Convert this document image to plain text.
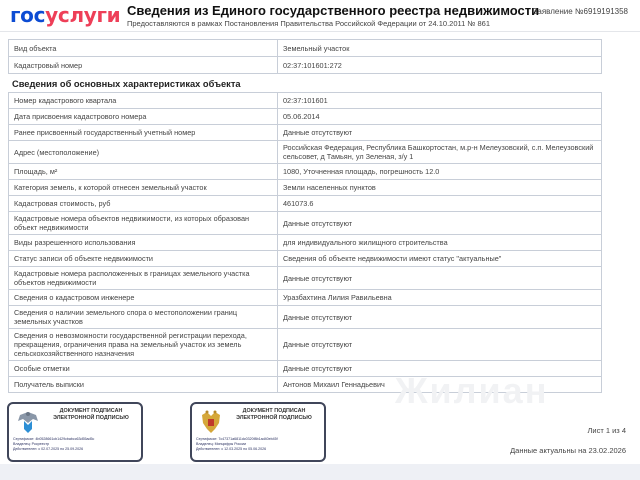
госуслуги Сведения из Единого государственного реестра недвижимости
Предоставляются в рамках Постановления Правительства Российской Федерации от 24.10.2011 № 861
Заявление №6919191358
Вид объекта	Земельный участок
Кадастровый номер	02:37:101601:272
Сведения об основных характеристиках объекта
Номер кадастрового квартала	02:37:101601
Дата присвоения кадастрового номера	05.06.2014
Ранее присвоенный государственный учетный номер	Данные отсутствуют
Адрес (местоположение)	Российская Федерация, Республика Башкортостан, м.р-н Мелеузовский, с.п. Мелеузовский сельсовет, д Тамьян, ул Зеленая, з/у 1
Площадь, м²	1080, Уточненная площадь, погрешность 12.0
Категория земель, к которой отнесен земельный участок	Земли населенных пунктов
Кадастровая стоимость, руб	461073.6
Кадастровые номера объектов недвижимости, из которых образован объект недвижимости	Данные отсутствуют
Виды разрешенного использования	для индивидуального жилищного строительства
Статус записи об объекте недвижимости	Сведения об объекте недвижимости имеют статус "актуальные"
Кадастровые номера расположенных в границах земельного участка объектов недвижимости	Данные отсутствуют
Сведения о кадастровом инженере	Уразбахтина Лилия Равильевна
Сведения о наличии земельного спора о местоположении границ земельных участков	Данные отсутствуют
Сведения о невозможности государственной регистрации перехода, прекращения, ограничения права на земельный участок из земель сельскохозяйственного назначения	Данные отсутствуют
Особые отметки	Данные отсутствуют
Получатель выписки	Антонов Михаил Геннадьевич Жилиан
ДОКУМЕНТ ПОДПИСАН ЭЛЕКТРОННОЙ ПОДПИСЬЮ
Сертификат: 4b0528661cb1429cbabcc63d55ad5c
Владелец: Росреестр
Действителен: с 02.07.2025 по 25.09.2026
ДОКУМЕНТ ПОДПИСАН ЭЛЕКТРОННОЙ ПОДПИСЬЮ
Сертификат: 7c47371a6811dc0320f8b1ad40eb45f
Владелец: Минцифры России
Действителен: с 12.03.2025 по 05.06.2026
Лист 1 из 4
Данные актуальны на 23.02.2026
